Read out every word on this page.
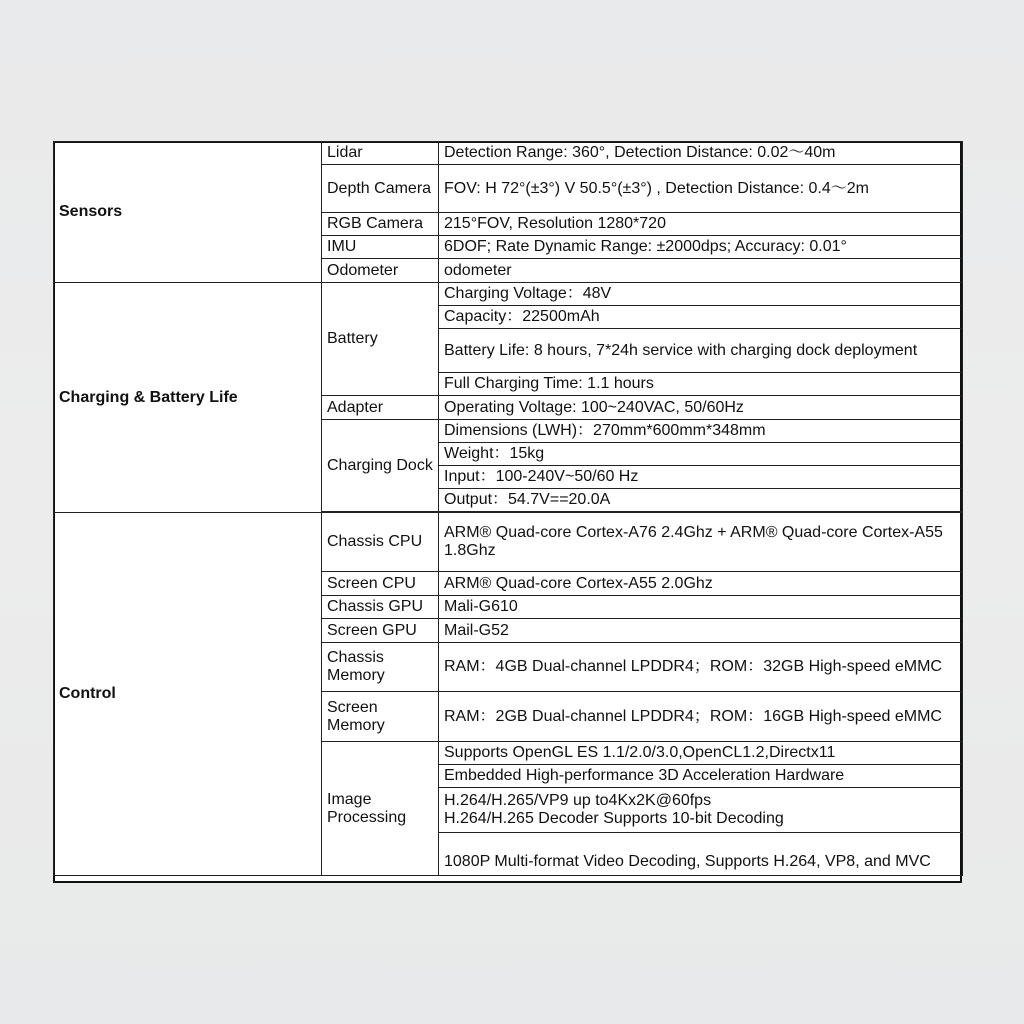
Sensors	Lidar	Detection Range: 360°, Detection Distance: 0.02～40m
	Depth Camera	FOV: H 72°(±3°) V 50.5°(±3°) , Detection Distance: 0.4～2m
	RGB Camera	215°FOV, Resolution 1280*720
	IMU	6DOF; Rate Dynamic Range: ±2000dps; Accuracy: 0.01°
	Odometer	odometer
Charging & Battery Life	Battery	Charging Voltage：48V
		Capacity：22500mAh
		Battery Life: 8 hours, 7*24h service with charging dock deployment
		Full Charging Time: 1.1 hours
	Adapter	Operating Voltage: 100~240VAC, 50/60Hz
	Charging Dock	Dimensions (LWH)：270mm*600mm*348mm
		Weight：15kg
		Input：100-240V~50/60 Hz
		Output：54.7V==20.0A

Control	Chassis CPU	ARM® Quad-core Cortex-A76 2.4Ghz + ARM® Quad-core Cortex-A55 1.8Ghz
	Screen CPU	ARM® Quad-core Cortex-A55 2.0Ghz
	Chassis GPU	Mali-G610
	Screen GPU	Mail-G52
	Chassis Memory	RAM：4GB Dual-channel LPDDR4；ROM：32GB High-speed eMMC
	Screen Memory	RAM：2GB Dual-channel LPDDR4；ROM：16GB High-speed eMMC
	Image Processing	Supports OpenGL ES 1.1/2.0/3.0,OpenCL1.2,Directx11
		Embedded High-performance 3D Acceleration Hardware
		H.264/H.265/VP9 up to4Kx2K@60fps
H.264/H.265 Decoder Supports 10-bit Decoding
		1080P Multi-format Video Decoding, Supports H.264, VP8, and MVC
